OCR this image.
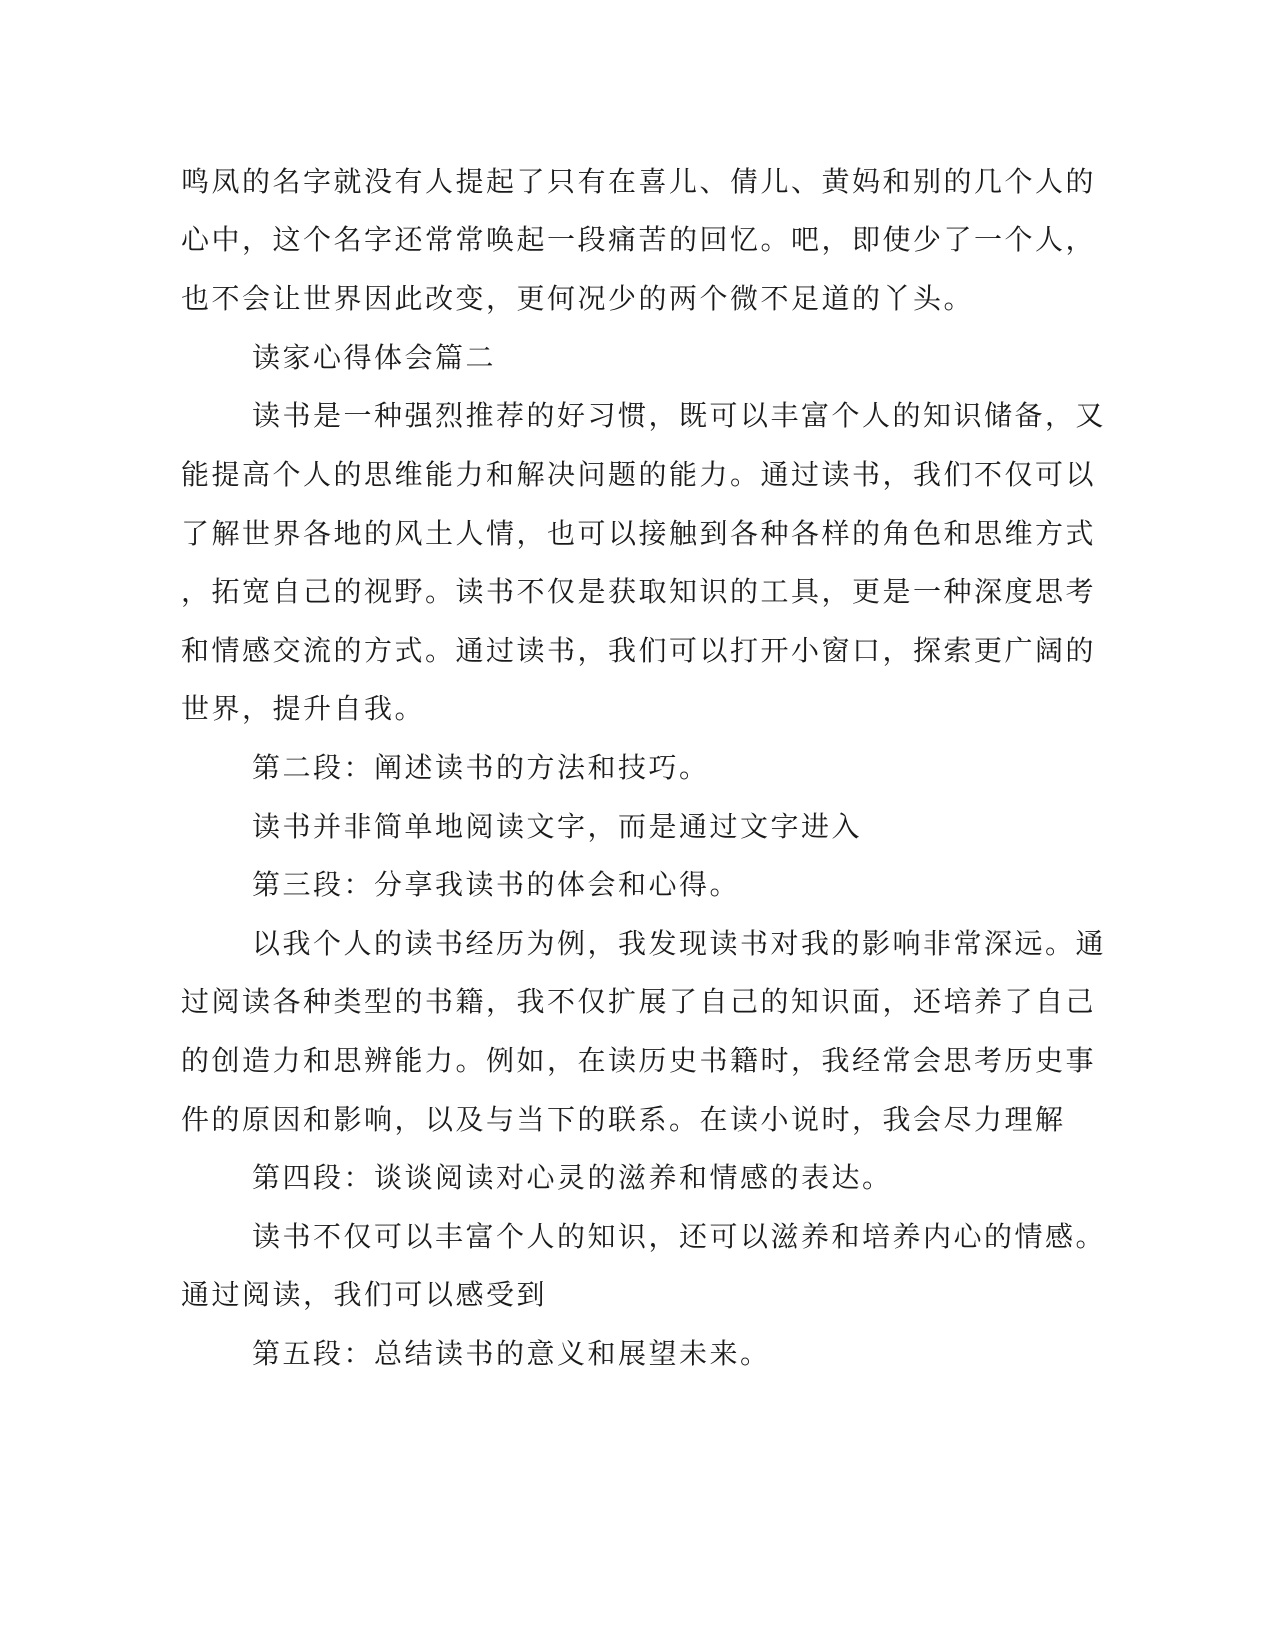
鸣凤的名字就没有人提起了只有在喜儿、倩儿、黄妈和别的几个人的

心中，这个名字还常常唤起一段痛苦的回忆。吧，即使少了一个人，

也不会让世界因此改变，更何况少的两个微不足道的丫头。

读家心得体会篇二

读书是一种强烈推荐的好习惯，既可以丰富个人的知识储备，又

能提高个人的思维能力和解决问题的能力。通过读书，我们不仅可以

了解世界各地的风土人情，也可以接触到各种各样的角色和思维方式

，拓宽自己的视野。读书不仅是获取知识的工具，更是一种深度思考

和情感交流的方式。通过读书，我们可以打开小窗口，探索更广阔的

世界，提升自我。

第二段：阐述读书的方法和技巧。

读书并非简单地阅读文字，而是通过文字进入

第三段：分享我读书的体会和心得。

以我个人的读书经历为例，我发现读书对我的影响非常深远。通

过阅读各种类型的书籍，我不仅扩展了自己的知识面，还培养了自己

的创造力和思辨能力。例如，在读历史书籍时，我经常会思考历史事

件的原因和影响，以及与当下的联系。在读小说时，我会尽力理解

第四段：谈谈阅读对心灵的滋养和情感的表达。

读书不仅可以丰富个人的知识，还可以滋养和培养内心的情感。

通过阅读，我们可以感受到

第五段：总结读书的意义和展望未来。
